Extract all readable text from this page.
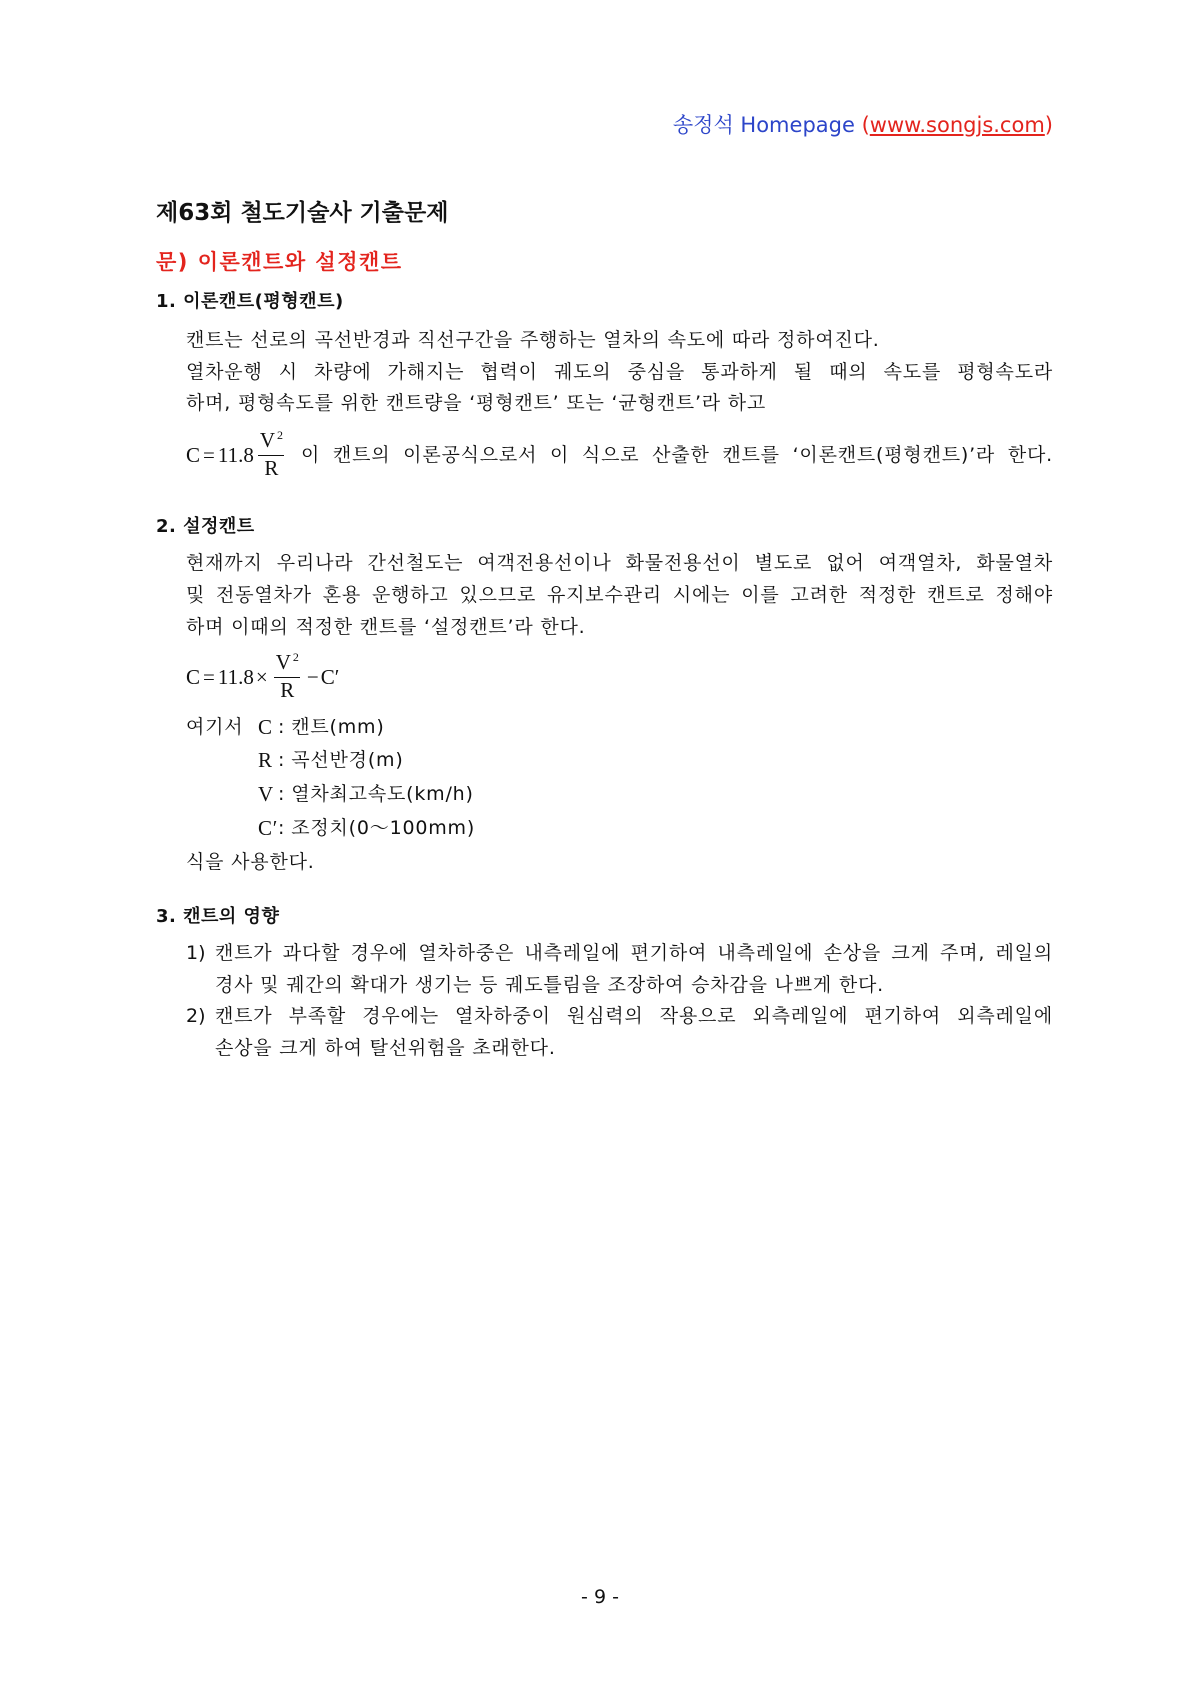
송정석 Homepage (www.songjs.com)
제63회 철도기술사 기출문제
문) 이론캔트와 설정캔트
1. 이론캔트(평형캔트)
캔트는 선로의 곡선반경과 직선구간을 주행하는 열차의 속도에 따라 정하여진다.
열차운행 시 차량에 가해지는 협력이 궤도의 중심을 통과하게 될 때의 속도를 평형속도라
하며, 평형속도를 위한 캔트량을 ‘평형캔트’ 또는 ‘균형캔트’라 하고
$C = 11.8 \frac{V ^2}{R}$ 이 캔트의 이론공식으로서 이 식으로 산출한 캔트를 ‘이론캔트(평형캔트)’라 한다.
2. 설정캔트
현재까지 우리나라 간선철도는 여객전용선이나 화물전용선이 별도로 없어 여객열차, 화물열차
및 전동열차가 혼용 운행하고 있으므로 유지보수관리 시에는 이를 고려한 적정한 캔트로 정해야
하며 이때의 적정한 캔트를 ‘설정캔트’라 한다.
$C = 11.8 \times \frac{V ^2}{R} - C'$
여기서 C : 캔트(mm)
R : 곡선반경(m)
V : 열차최고속도(km/h)
C′ : 조정치(0～100mm)
식을 사용한다.
3. 캔트의 영향
1) 캔트가 과다할 경우에 열차하중은 내측레일에 편기하여 내측레일에 손상을 크게 주며, 레일의
경사 및 궤간의 확대가 생기는 등 궤도틀림을 조장하여 승차감을 나쁘게 한다.
2) 캔트가 부족할 경우에는 열차하중이 원심력의 작용으로 외측레일에 편기하여 외측레일에
손상을 크게 하여 탈선위험을 초래한다.
- 9 -
